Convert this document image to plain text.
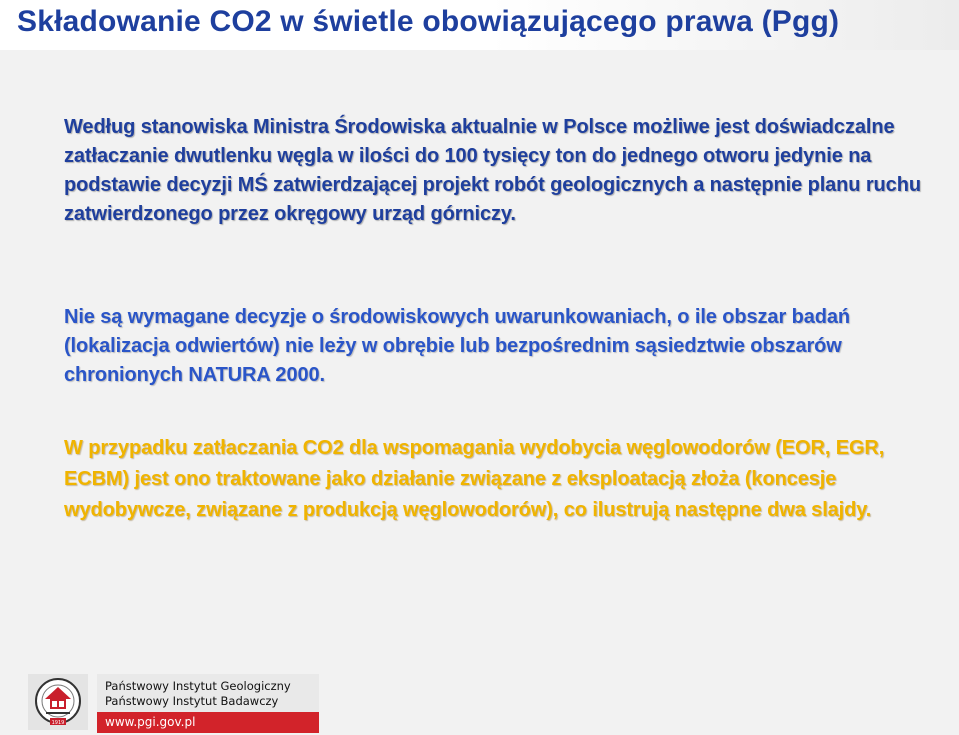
Składowanie CO2 w świetle obowiązującego prawa (Pgg)

Według stanowiska Ministra Środowiska aktualnie w Polsce możliwe jest doświadczalne zatłaczanie dwutlenku węgla w ilości do 100 tysięcy ton do jednego otworu jedynie na podstawie decyzji MŚ zatwierdzającej projekt robót geologicznych a następnie planu ruchu zatwierdzonego przez okręgowy urząd górniczy.

Nie są wymagane decyzje o środowiskowych uwarunkowaniach, o ile obszar badań (lokalizacja odwiertów) nie leży w obrębie lub bezpośrednim sąsiedztwie obszarów chronionych NATURA 2000.

W przypadku zatłaczania CO2 dla wspomagania wydobycia węglowodorów (EOR, EGR, ECBM) jest ono traktowane jako działanie związane z eksploatacją złoża (koncesje wydobywcze, związane z produkcją węglowodorów), co ilustrują następne dwa slajdy.

1919

Państwowy Instytut Geologiczny

Państwowy Instytut Badawczy

www.pgi.gov.pl
